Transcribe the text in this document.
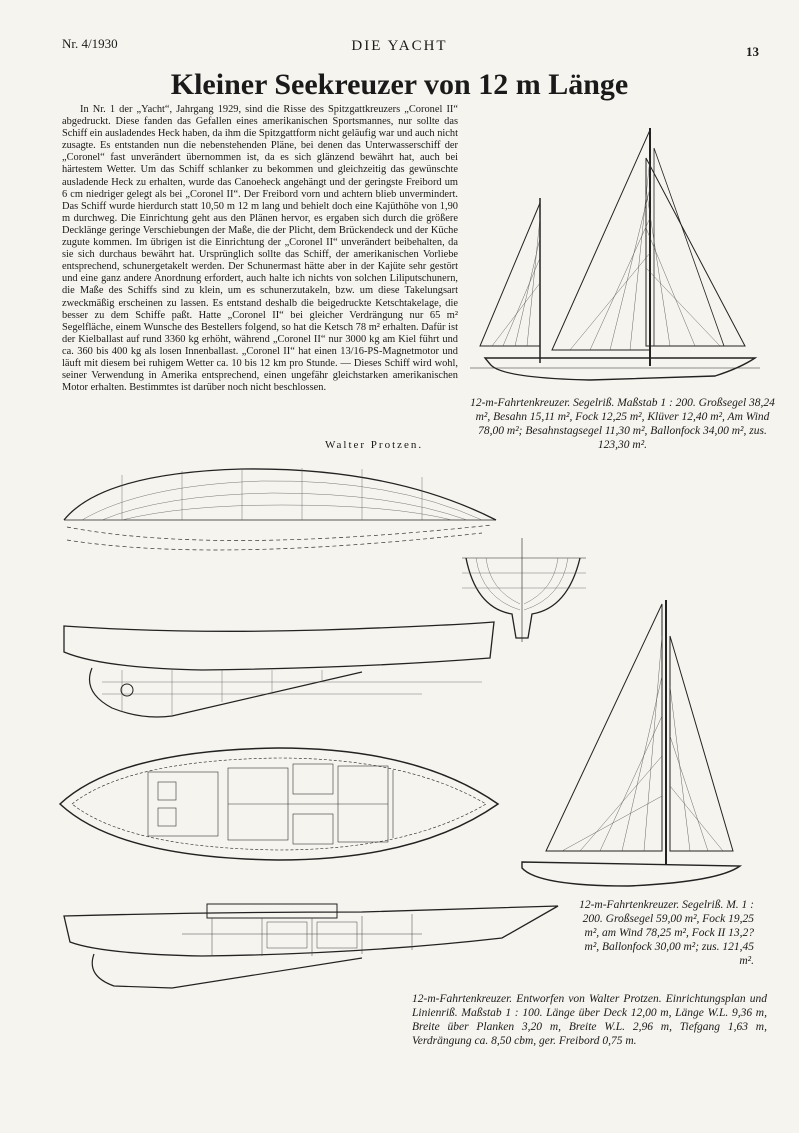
Nr. 4/1930	DIE YACHT	13
Kleiner Seekreuzer von 12 m Länge

In Nr. 1 der „Yacht“, Jahrgang 1929, sind die Risse des Spitzgattkreuzers „Coronel II“ abgedruckt. Diese fanden das Gefallen eines amerikanischen Sportsmannes, nur sollte das Schiff ein ausladendes Heck haben, da ihm die Spitzgattform nicht geläufig war und auch nicht zusagte. Es entstanden nun die nebenstehenden Pläne, bei denen das Unterwasserschiff der „Coronel“ fast unverändert übernommen ist, da es sich glänzend bewährt hat, auch bei härtestem Wetter. Um das Schiff schlanker zu bekommen und gleichzeitig das gewünschte ausladende Heck zu erhalten, wurde das Canoeheck angehängt und der geringste Freibord um 6 cm niedriger gelegt als bei „Coronel II“. Der Freibord vorn und achtern blieb unvermindert. Das Schiff wurde hierdurch statt 10,50 m 12 m lang und behielt doch eine Kajüthöhe von 1,90 m durchweg. Die Einrichtung geht aus den Plänen hervor, es ergaben sich durch die größere Decklänge geringe Verschiebungen der Maße, die der Plicht, dem Brückendeck und der Küche zugute kommen. Im übrigen ist die Einrichtung der „Coronel II“ unverändert beibehalten, da sie sich durchaus bewährt hat. Ursprünglich sollte das Schiff, der amerikanischen Vorliebe entsprechend, schunergetakelt werden. Der Schunermast hätte aber in der Kajüte sehr gestört und eine ganz andere Anordnung erfordert, auch halte ich nichts von solchen Liliputschunern, die Maße des Schiffs sind zu klein, um es schunerzutakeln, bzw. um diese Takelungsart zweckmäßig erscheinen zu lassen. Es entstand deshalb die beigedruckte Ketschtakelage, die besser zu dem Schiffe paßt. Hatte „Coronel II“ bei gleicher Verdrängung nur 65 m² Segelfläche, einem Wunsche des Bestellers folgend, so hat die Ketsch 78 m² erhalten. Dafür ist der Kielballast auf rund 3360 kg erhöht, während „Coronel II“ nur 3000 kg am Kiel führt und ca. 360 bis 400 kg als losen Innenballast. „Coronel II“ hat einen 13/16-PS-Magnetmotor und läuft mit diesem bei ruhigem Wetter ca. 10 bis 12 km pro Stunde. — Dieses Schiff wird wohl, seiner Verwendung in Amerika entsprechend, einen ungefähr gleichstarken amerikanischen Motor erhalten. Bestimmtes ist darüber noch nicht beschlossen.

Walter Protzen.
12-m-Fahrtenkreuzer. Segelriß. Maßstab 1 : 200. Großsegel 38,24 m², Besahn 15,11 m², Fock 12,25 m², Klüver 12,40 m², Am Wind 78,00 m²; Besahnstagsegel 11,30 m², Ballonfock 34,00 m², zus. 123,30 m².
12-m-Fahrtenkreuzer. Segelriß. M. 1 : 200. Großsegel 59,00 m², Fock 19,25 m², am Wind 78,25 m², Fock II 13,2? m², Ballonfock 30,00 m²; zus. 121,45 m².
12-m-Fahrtenkreuzer. Entworfen von Walter Protzen. Einrichtungsplan und Linienriß. Maßstab 1 : 100. Länge über Deck 12,00 m, Länge W.L. 9,36 m, Breite über Planken 3,20 m, Breite W.L. 2,96 m, Tiefgang 1,63 m, Verdrängung ca. 8,50 cbm, ger. Freibord 0,75 m.
